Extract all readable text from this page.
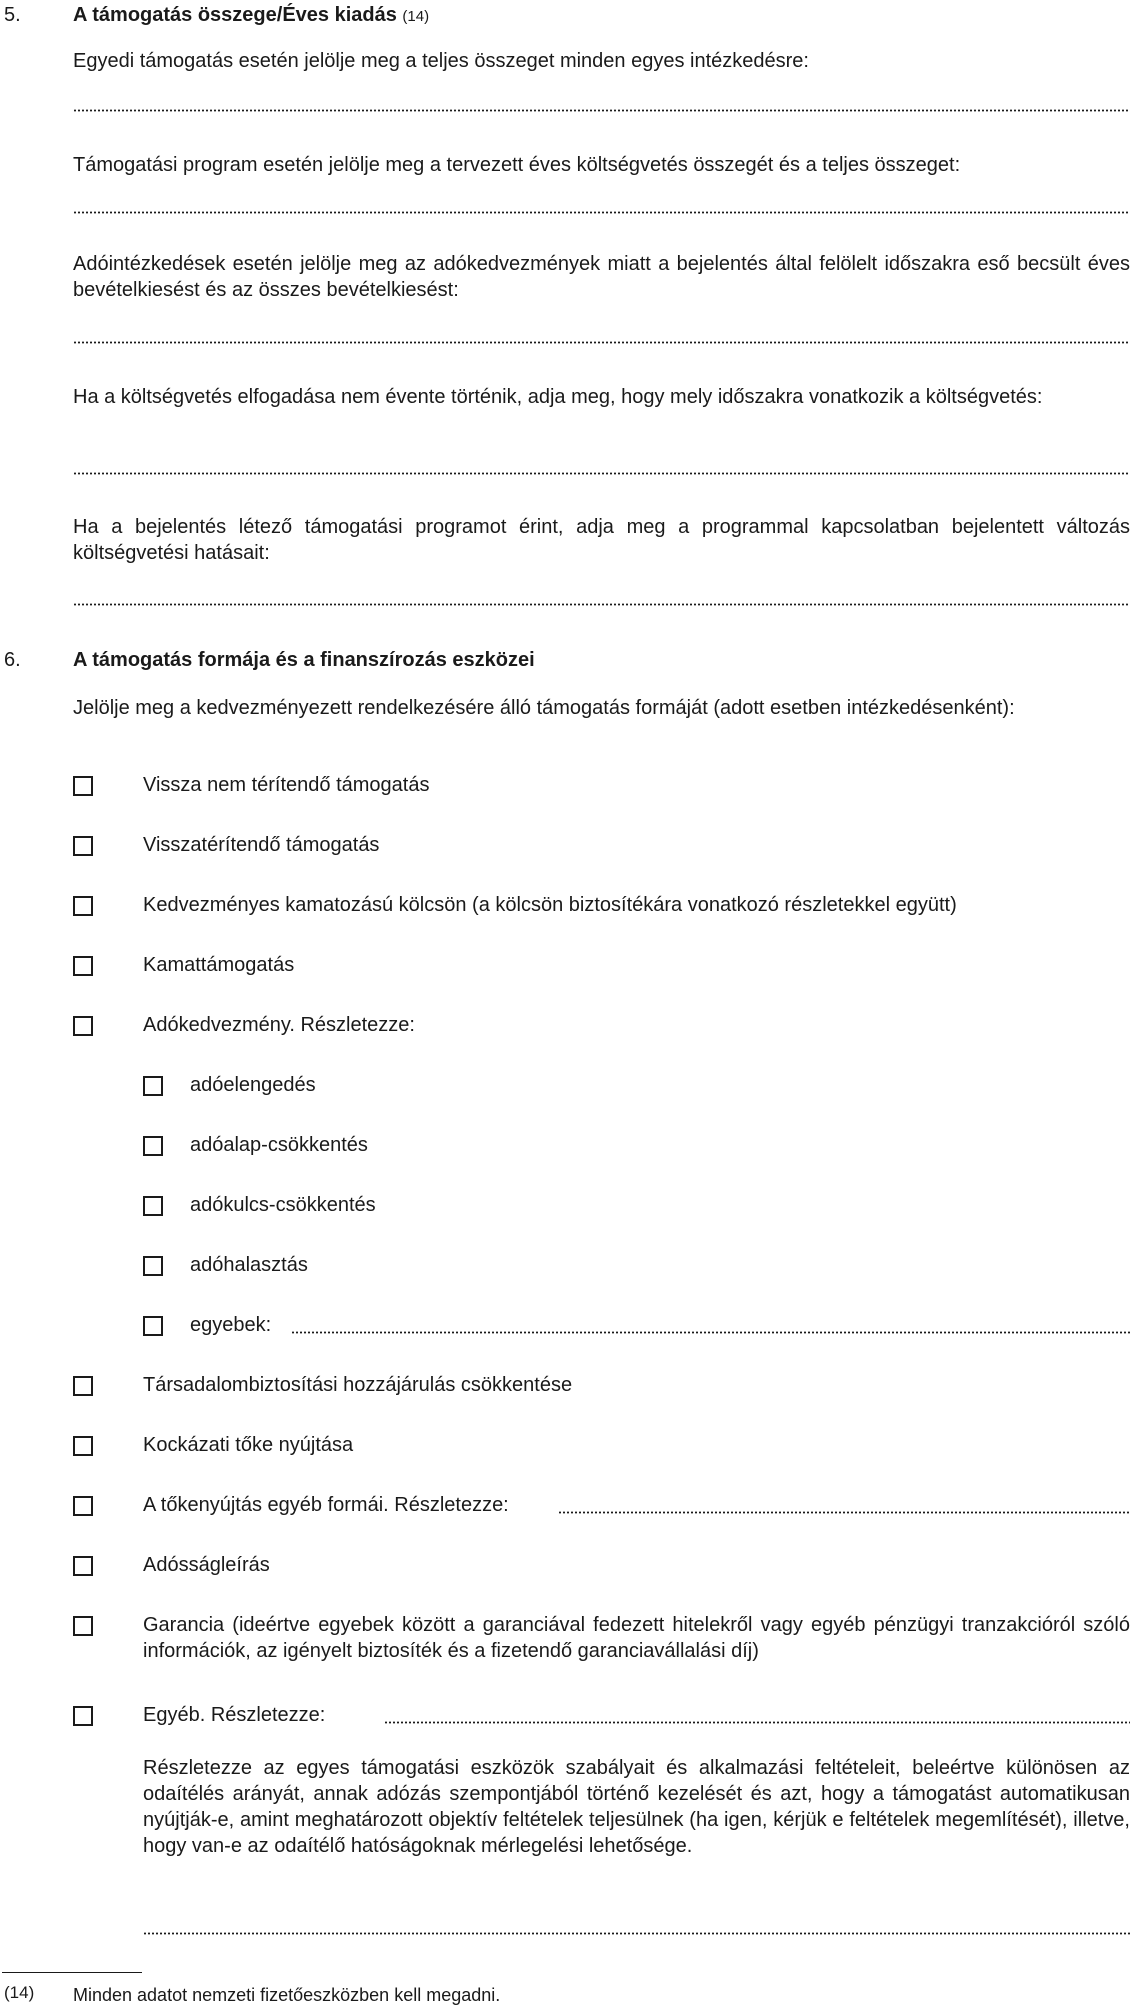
5.	A támogatás összege/Éves kiadás (14)

Egyedi támogatás esetén jelölje meg a teljes összeget minden egyes intézkedésre:

Támogatási program esetén jelölje meg a tervezett éves költségvetés összegét és a teljes összeget:

Adóintézkedések esetén jelölje meg az adókedvezmények miatt a bejelentés által felölelt időszakra eső becsült éves bevételkiesést és az összes bevételkiesést:

Ha a költségvetés elfogadása nem évente történik, adja meg, hogy mely időszakra vonatkozik a költségvetés:

Ha a bejelentés létező támogatási programot érint, adja meg a programmal kapcsolatban bejelentett változás költségvetési hatásait:

6.	A támogatás formája és a finanszírozás eszközei

Jelölje meg a kedvezményezett rendelkezésére álló támogatás formáját (adott esetben intézkedésenként):

Vissza nem térítendő támogatás
Visszatérítendő támogatás
Kedvezményes kamatozású kölcsön (a kölcsön biztosítékára vonatkozó részletekkel együtt)
Kamattámogatás
Adókedvezmény. Részletezze:
adóelengedés
adóalap-csökkentés
adókulcs-csökkentés
adóhalasztás
egyebek:
Társadalombiztosítási hozzájárulás csökkentése
Kockázati tőke nyújtása
A tőkenyújtás egyéb formái. Részletezze:
Adósságleírás
Garancia (ideértve egyebek között a garanciával fedezett hitelekről vagy egyéb pénzügyi tranzakcióról szóló információk, az igényelt biztosíték és a fizetendő garanciavállalási díj)
Egyéb. Részletezze:

Részletezze az egyes támogatási eszközök szabályait és alkalmazási feltételeit, beleértve különösen az odaítélés arányát, annak adózás szempontjából történő kezelését és azt, hogy a támogatást automatikusan nyújtják-e, amint meghatározott objektív feltételek teljesülnek (ha igen, kérjük e feltételek megemlítését), illetve, hogy van-e az odaítélő hatóságoknak mérlegelési lehetősége.

(14) Minden adatot nemzeti fizetőeszközben kell megadni.
